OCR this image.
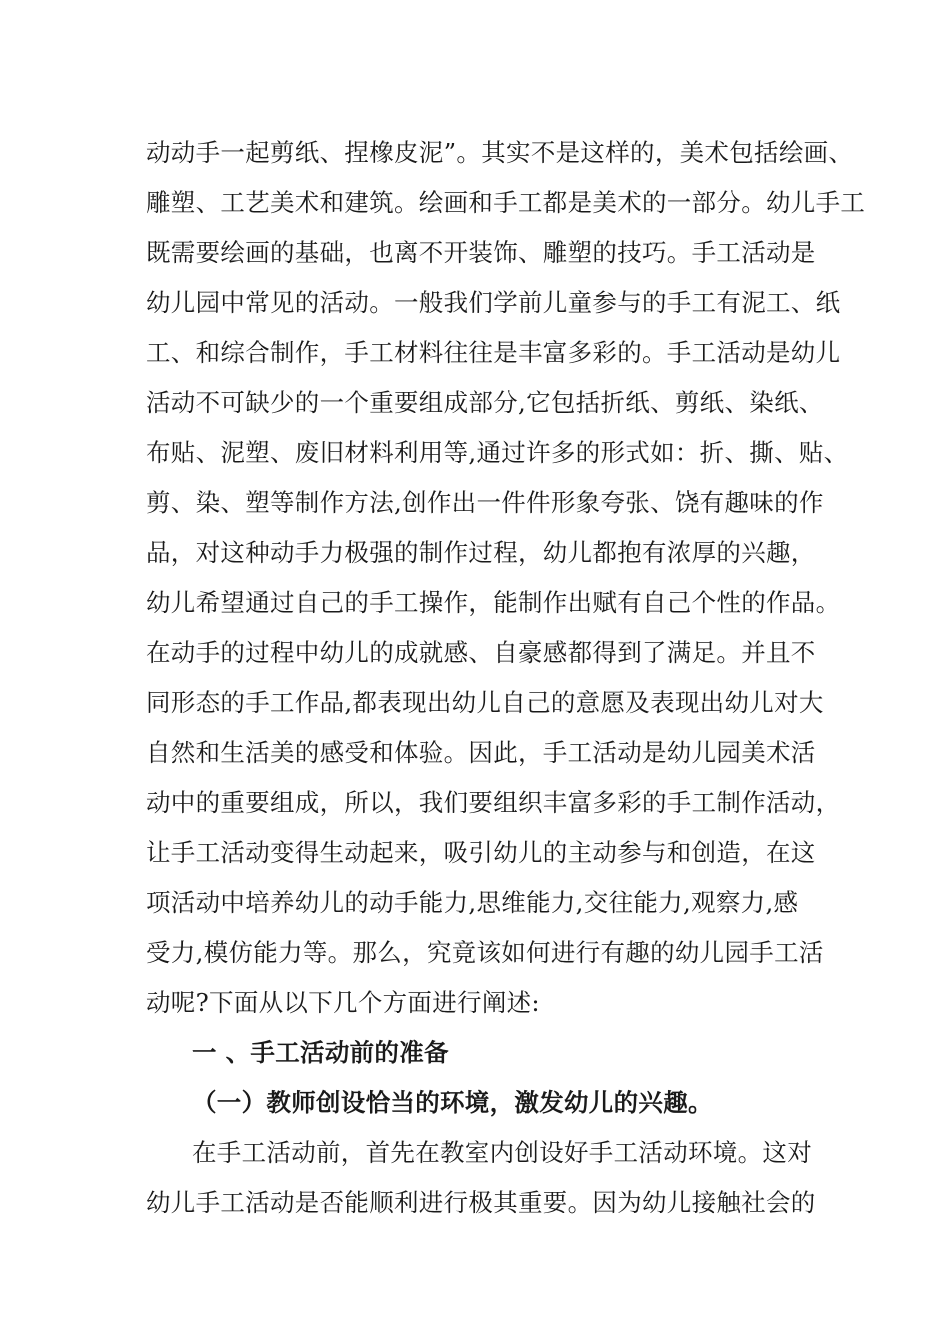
动动手一起剪纸、捏橡皮泥”。其实不是这样的，美术包括绘画、
雕塑、工艺美术和建筑。绘画和手工都是美术的一部分。幼儿手工
既需要绘画的基础，也离不开装饰、雕塑的技巧。手工活动是
幼儿园中常见的活动。一般我们学前儿童参与的手工有泥工、纸
工、和综合制作，手工材料往往是丰富多彩的。手工活动是幼儿
活动不可缺少的一个重要组成部分,它包括折纸、剪纸、染纸、
布贴、泥塑、废旧材料利用等,通过许多的形式如：折、撕、贴、
剪、染、塑等制作方法,创作出一件件形象夸张、饶有趣味的作
品，对这种动手力极强的制作过程，幼儿都抱有浓厚的兴趣，
幼儿希望通过自己的手工操作，能制作出赋有自己个性的作品。
在动手的过程中幼儿的成就感、自豪感都得到了满足。并且不
同形态的手工作品,都表现出幼儿自己的意愿及表现出幼儿对大
自然和生活美的感受和体验。因此，手工活动是幼儿园美术活
动中的重要组成，所以，我们要组织丰富多彩的手工制作活动，
让手工活动变得生动起来，吸引幼儿的主动参与和创造，在这
项活动中培养幼儿的动手能力,思维能力,交往能力,观察力,感
受力,模仿能力等。那么，究竟该如何进行有趣的幼儿园手工活
动呢?下面从以下几个方面进行阐述:
一 、手工活动前的准备
（一）教师创设恰当的环境，激发幼儿的兴趣。
在手工活动前，首先在教室内创设好手工活动环境。这对
幼儿手工活动是否能顺利进行极其重要。因为幼儿接触社会的
